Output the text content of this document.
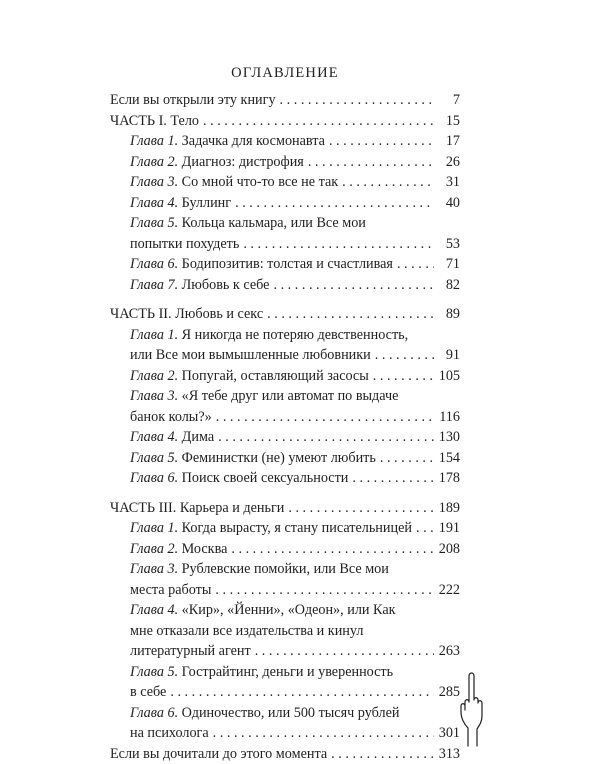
ОГЛАВЛЕНИЕ
Если вы открыли эту книгу . . .	7
ЧАСТЬ I. Тело . . .	15
Глава 1. Задачка для космонавта . . .	17
Глава 2. Диагноз: дистрофия . . .	26
Глава 3. Со мной что-то все не так . . .	31
Глава 4. Буллинг . . .	40
Глава 5. Кольца кальмара, или Все мои
попытки похудеть . . .	53
Глава 6. Бодипозитив: толстая и счастливая . . .	71
Глава 7. Любовь к себе . . .	82
ЧАСТЬ II. Любовь и секс . . .	89
Глава 1. Я никогда не потеряю девственность,
или Все мои вымышленные любовники . . .	91
Глава 2. Попугай, оставляющий засосы . . .	105
Глава 3. «Я тебе друг или автомат по выдаче
банок колы?» . . .	116
Глава 4. Дима . . .	130
Глава 5. Феминистки (не) умеют любить . . .	154
Глава 6. Поиск своей сексуальности . . .	178
ЧАСТЬ III. Карьера и деньги . . .	189
Глава 1. Когда вырасту, я стану писательницей . . . 191
Глава 2. Москва . . .	208
Глава 3. Рублевские помойки, или Все мои
места работы . . .	222
Глава 4. «Кир», «Йенни», «Одеон», или Как
мне отказали все издательства и кинул
литературный агент . . .	263
Глава 5. Гострайтинг, деньги и уверенность
в себе . . .	285
Глава 6. Одиночество, или 500 тысяч рублей
на психолога . . .	301
Если вы дочитали до этого момента . . .	313
